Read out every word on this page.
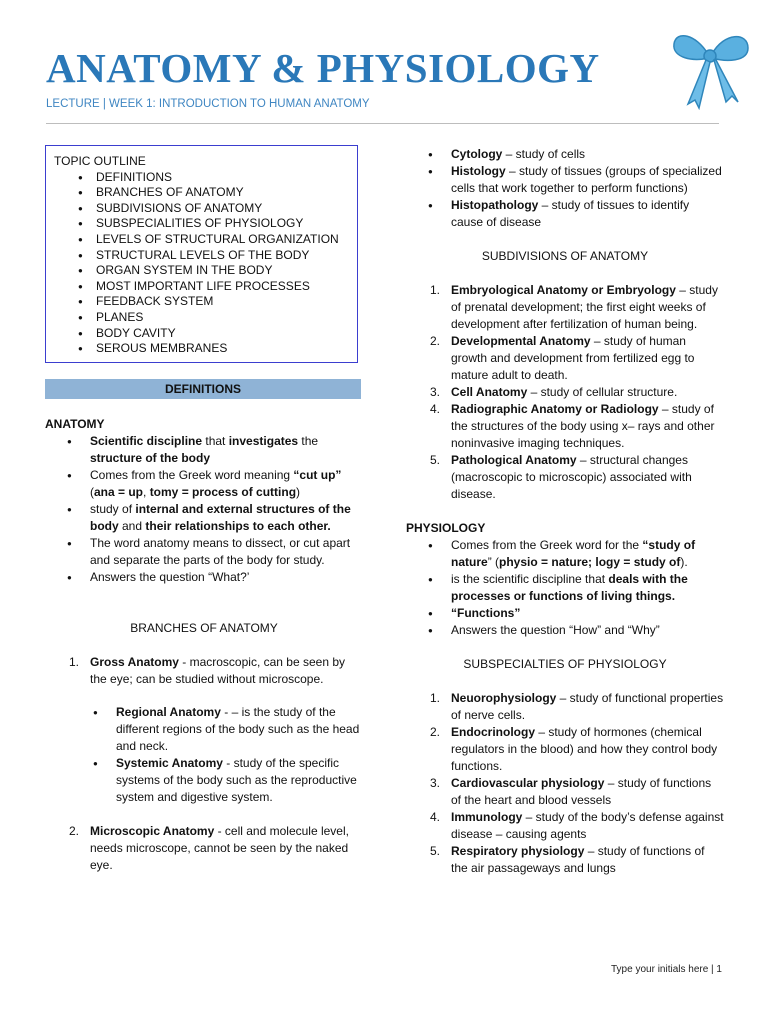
ANATOMY & PHYSIOLOGY
LECTURE | WEEK 1: INTRODUCTION TO HUMAN ANATOMY
TOPIC OUTLINE
● DEFINITIONS
● BRANCHES OF ANATOMY
● SUBDIVISIONS OF ANATOMY
● SUBSPECIALITIES OF PHYSIOLOGY
● LEVELS OF STRUCTURAL ORGANIZATION
● STRUCTURAL LEVELS OF THE BODY
● ORGAN SYSTEM IN THE BODY
● MOST IMPORTANT LIFE PROCESSES
● FEEDBACK SYSTEM
● PLANES
● BODY CAVITY
● SEROUS MEMBRANES
DEFINITIONS

ANATOMY

● Scientific discipline that investigates the structure of the body

● Comes from the Greek word meaning “cut up”
(ana = up, tomy = process of cutting)

● study of internal and external structures of the body and their relationships to each other.

● The word anatomy means to dissect, or cut apart and separate the parts of the body for study.

● Answers the question “What?’

BRANCHES OF ANATOMY

1. Gross Anatomy - macroscopic, can be seen by the eye; can be studied without microscope.

● Regional Anatomy - – is the study of the different regions of the body such as the head and neck.

● Systemic Anatomy - study of the specific systems of the body such as the reproductive system and digestive system.

2. Microscopic Anatomy - cell and molecule level, needs microscope, cannot be seen by the naked eye.

● Cytology – study of cells

● Histology – study of tissues (groups of specialized cells that work together to perform functions)

● Histopathology – study of tissues to identify cause of disease

SUBDIVISIONS OF ANATOMY

1. Embryological Anatomy or Embryology – study of prenatal development; the first eight weeks of development after fertilization of human being.

2. Developmental Anatomy – study of human growth and development from fertilized egg to mature adult to death.

3. Cell Anatomy – study of cellular structure.

4. Radiographic Anatomy or Radiology – study of the structures of the body using x– rays and other noninvasive imaging techniques.

5. Pathological Anatomy – structural changes (macroscopic to microscopic) associated with disease.

PHYSIOLOGY

● Comes from the Greek word for the “study of nature” (physio = nature; logy = study of).

● is the scientific discipline that deals with the processes or functions of living things.

● “Functions”

● Answers the question “How” and “Why”

SUBSPECIALTIES OF PHYSIOLOGY

1. Neuorophysiology – study of functional properties of nerve cells.

2. Endocrinology – study of hormones (chemical regulators in the blood) and how they control body functions.

3. Cardiovascular physiology – study of functions of the heart and blood vessels

4. Immunology – study of the body’s defense against disease – causing agents

5. Respiratory physiology – study of functions of the air passageways and lungs

Type your initials here | 1
